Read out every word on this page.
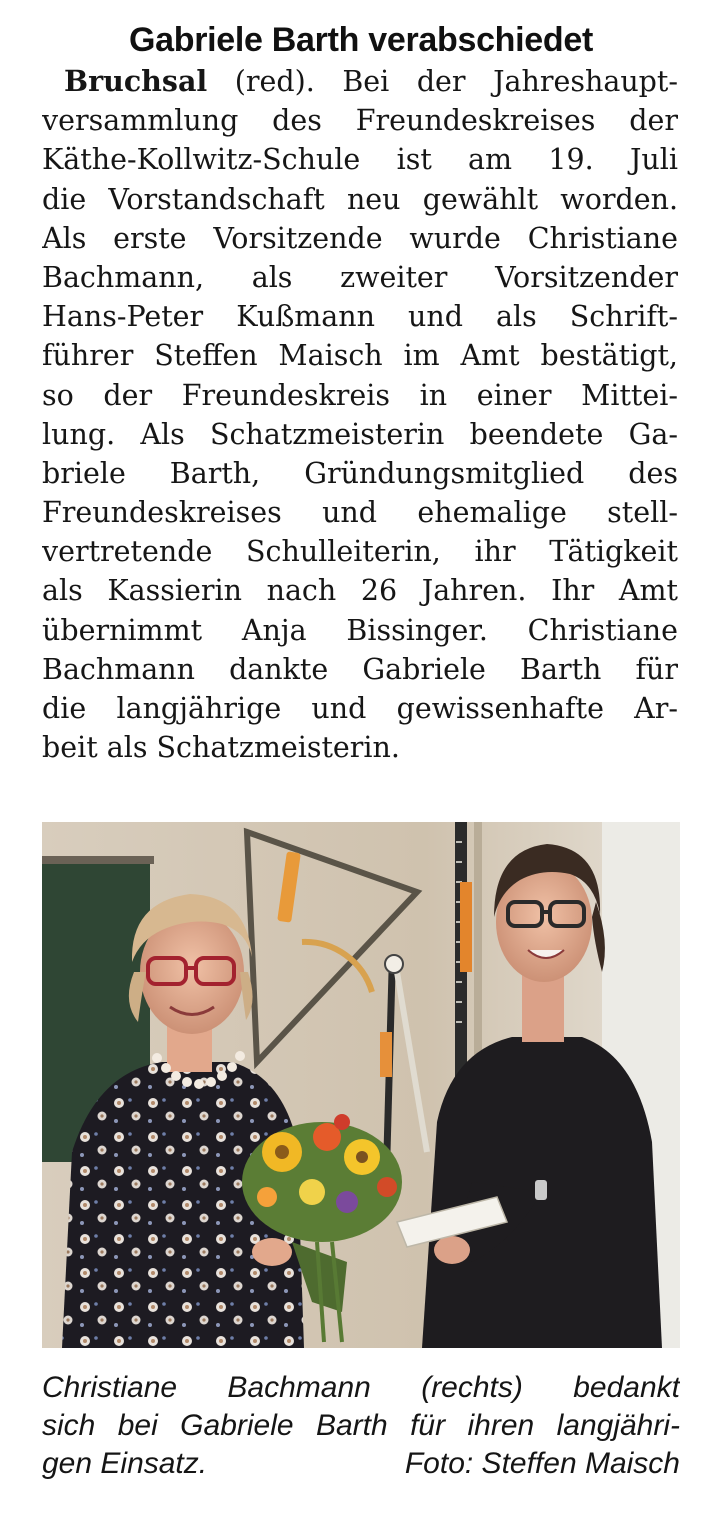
Gabriele Barth verabschiedet
Bruchsal (red). Bei der Jahreshaupt-
versammlung des Freundeskreises der
Käthe-Kollwitz-Schule ist am 19. Juli
die Vorstandschaft neu gewählt worden.
Als erste Vorsitzende wurde Christiane
Bachmann, als zweiter Vorsitzender
Hans-Peter Kußmann und als Schrift-
führer Steffen Maisch im Amt bestätigt,
so der Freundeskreis in einer Mittei-
lung. Als Schatzmeisterin beendete Ga-
briele Barth, Gründungsmitglied des
Freundeskreises und ehemalige stell-
vertretende Schulleiterin, ihr Tätigkeit
als Kassierin nach 26 Jahren. Ihr Amt
übernimmt Anja Bissinger. Christiane
Bachmann dankte Gabriele Barth für
die langjährige und gewissenhafte Ar-
beit als Schatzmeisterin.
Christiane Bachmann (rechts) bedankt
sich bei Gabriele Barth für ihren langjähri-
gen Einsatz.	Foto: Steffen Maisch
